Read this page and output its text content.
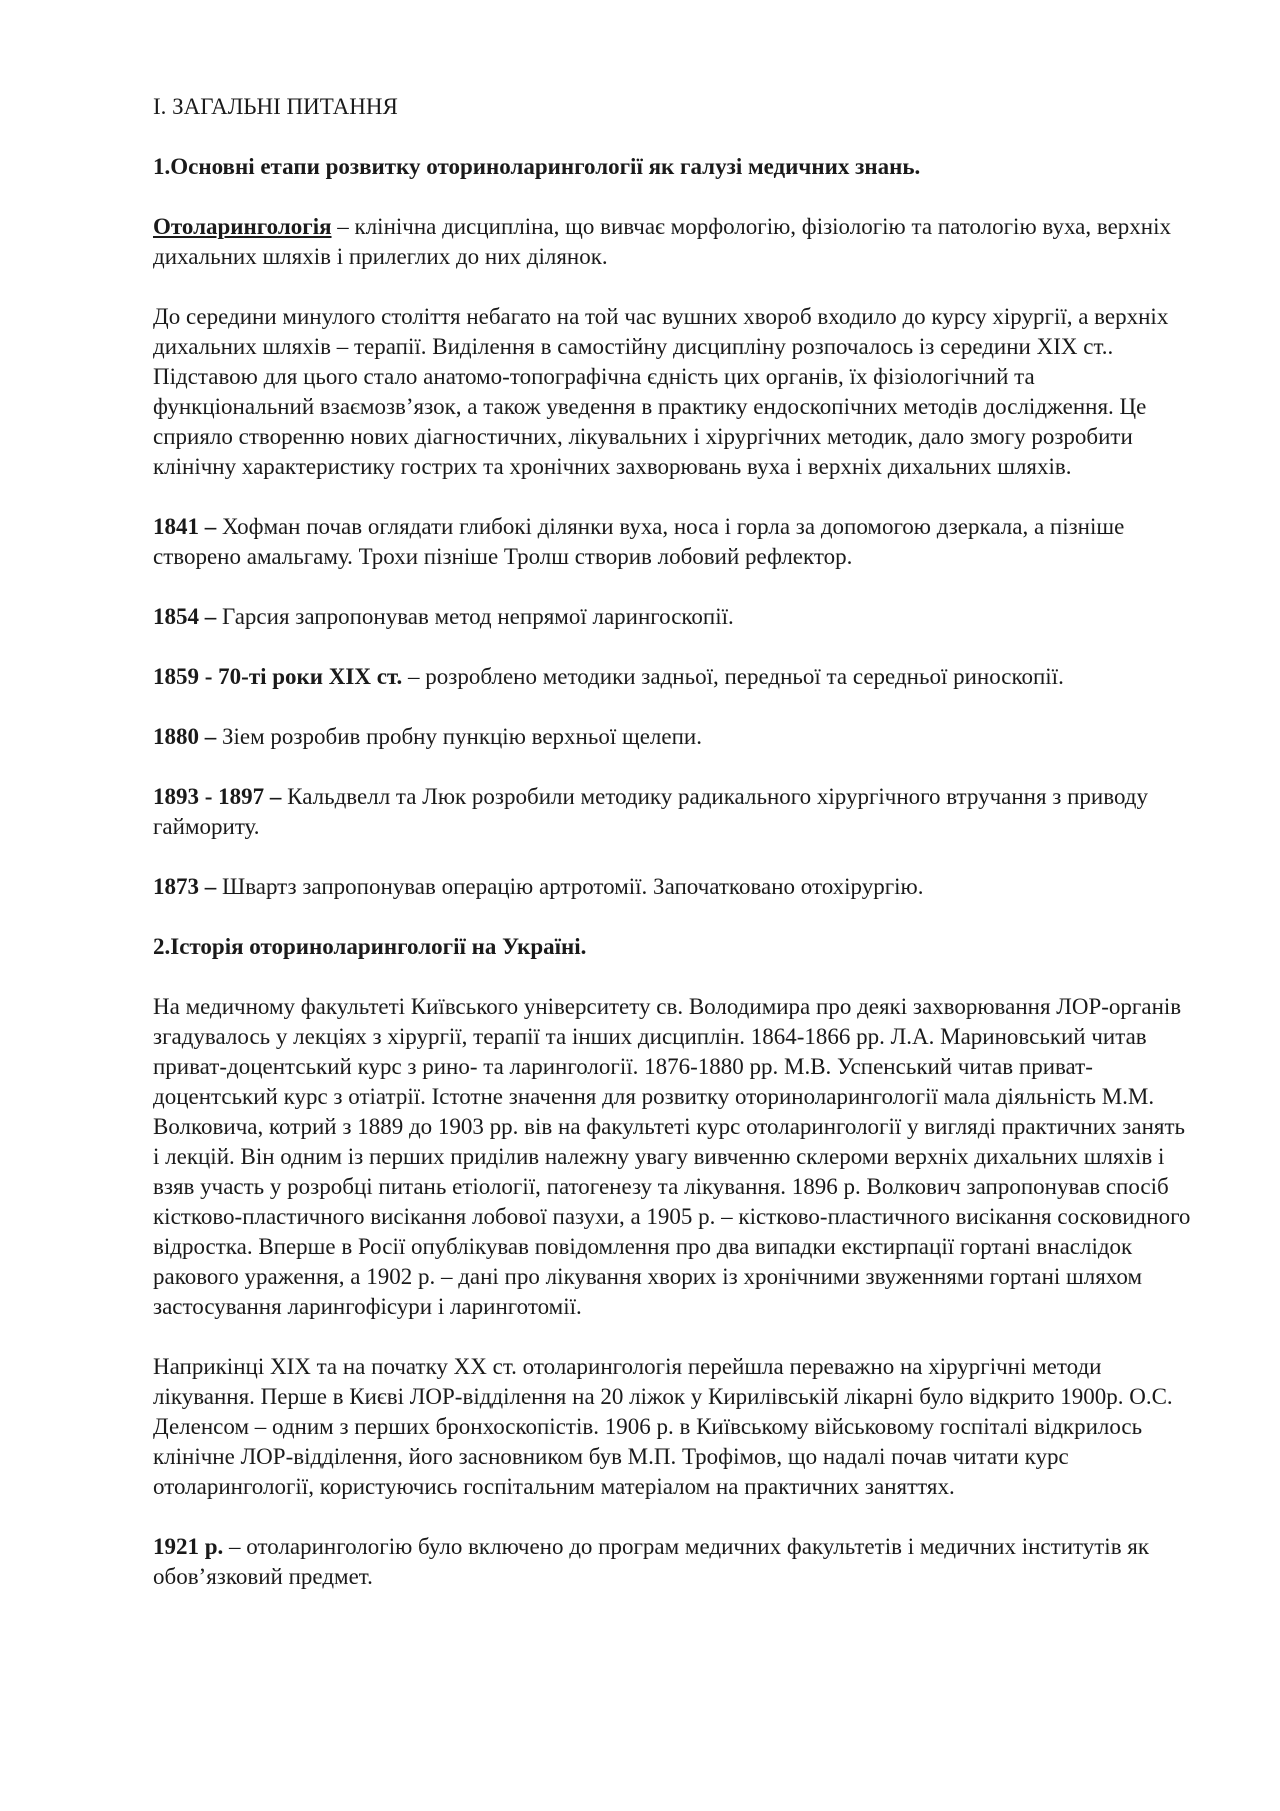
І. ЗАГАЛЬНІ ПИТАННЯ

1.Основні етапи розвитку оториноларингології як галузі медичних знань.

Отоларингологія – клінічна дисципліна, що вивчає морфологію, фізіологію та патологію вуха, верхніх дихальних шляхів і прилеглих до них ділянок.

До середини минулого століття небагато на той час вушних хвороб входило до курсу хірургії, а верхніх дихальних шляхів – терапії. Виділення в самостійну дисципліну розпочалось із середини ХІХ ст.. Підставою для цього стало анатомо-топографічна єдність цих органів, їх фізіологічний та функціональний взаємозв’язок, а також уведення в практику ендоскопічних методів дослідження. Це сприяло створенню нових діагностичних, лікувальних і хірургічних методик, дало змогу розробити клінічну характеристику гострих та хронічних захворювань вуха і верхніх дихальних шляхів.

1841 – Хофман почав оглядати глибокі ділянки вуха, носа і горла за допомогою дзеркала, а пізніше створено амальгаму. Трохи пізніше Тролш створив лобовий рефлектор.

1854 – Гарсия запропонував метод непрямої ларингоскопії.

1859 - 70-ті роки ХІХ ст. – розроблено методики задньої, передньої та середньої риноскопії.

1880 – Зіем розробив пробну пункцію верхньої щелепи.

1893 - 1897 – Кальдвелл та Люк розробили методику радикального хірургічного втручання з приводу гаймориту.

1873 – Швартз запропонував операцію артротомії. Започатковано отохірургію.

2.Історія оториноларингології на Україні.

На медичному факультеті Київського університету св. Володимира про деякі захворювання ЛОР-органів згадувалось у лекціях з хірургії, терапії та інших дисциплін. 1864-1866 рр. Л.А. Мариновський читав приват-доцентський курс з рино- та ларингології. 1876-1880 рр. М.В. Успенський читав приват-доцентський курс з отіатрії. Істотне значення для розвитку оториноларингології мала діяльність М.М. Волковича, котрий з 1889 до 1903 рр. вів на факультеті курс отоларингології у вигляді практичних занять і лекцій. Він одним із перших приділив належну увагу вивченню склероми верхніх дихальних шляхів і взяв участь у розробці питань етіології, патогенезу та лікування. 1896 р. Волкович запропонував спосіб кістково-пластичного висікання лобової пазухи, а 1905 р. – кістково-пластичного висікання сосковидного відростка. Вперше в Росії опублікував повідомлення про два випадки екстирпації гортані внаслідок ракового ураження, а 1902 р. – дані про лікування хворих із хронічними звуженнями гортані шляхом застосування ларингофісури і ларинготомії.

Наприкінці ХІХ та на початку ХХ ст. отоларингологія перейшла переважно на хірургічні методи лікування. Перше в Києві ЛОР-відділення на 20 ліжок у Кирилівській лікарні було відкрито 1900р. О.С. Деленсом – одним з перших бронхоскопістів. 1906 р. в Київському військовому госпіталі відкрилось клінічне ЛОР-відділення, його засновником був М.П. Трофімов, що надалі почав читати курс отоларингології, користуючись госпітальним матеріалом на практичних заняттях.

1921 р. – отоларингологію було включено до програм медичних факультетів і медичних інститутів як обов’язковий предмет.
